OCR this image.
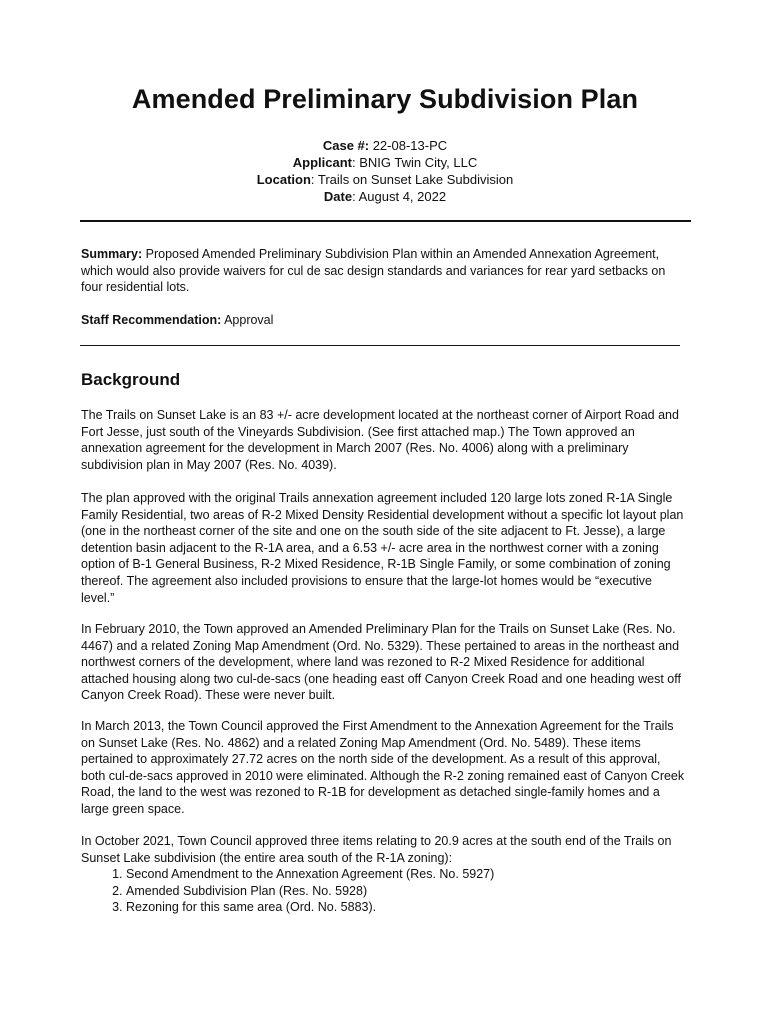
Amended Preliminary Subdivision Plan
Case #: 22-08-13-PC
Applicant: BNIG Twin City, LLC
Location: Trails on Sunset Lake Subdivision
Date: August 4, 2022
Summary: Proposed Amended Preliminary Subdivision Plan within an Amended Annexation Agreement, which would also provide waivers for cul de sac design standards and variances for rear yard setbacks on four residential lots.
Staff Recommendation: Approval
Background
The Trails on Sunset Lake is an 83 +/- acre development located at the northeast corner of Airport Road and Fort Jesse, just south of the Vineyards Subdivision. (See first attached map.) The Town approved an annexation agreement for the development in March 2007 (Res. No. 4006) along with a preliminary subdivision plan in May 2007 (Res. No. 4039).
The plan approved with the original Trails annexation agreement included 120 large lots zoned R-1A Single Family Residential, two areas of R-2 Mixed Density Residential development without a specific lot layout plan (one in the northeast corner of the site and one on the south side of the site adjacent to Ft. Jesse), a large detention basin adjacent to the R-1A area, and a 6.53 +/- acre area in the northwest corner with a zoning option of B-1 General Business, R-2 Mixed Residence, R-1B Single Family, or some combination of zoning thereof. The agreement also included provisions to ensure that the large-lot homes would be “executive level.”
In February 2010, the Town approved an Amended Preliminary Plan for the Trails on Sunset Lake (Res. No. 4467) and a related Zoning Map Amendment (Ord. No. 5329). These pertained to areas in the northeast and northwest corners of the development, where land was rezoned to R-2 Mixed Residence for additional attached housing along two cul-de-sacs (one heading east off Canyon Creek Road and one heading west off Canyon Creek Road). These were never built.
In March 2013, the Town Council approved the First Amendment to the Annexation Agreement for the Trails on Sunset Lake (Res. No. 4862) and a related Zoning Map Amendment (Ord. No. 5489). These items pertained to approximately 27.72 acres on the north side of the development. As a result of this approval, both cul-de-sacs approved in 2010 were eliminated. Although the R-2 zoning remained east of Canyon Creek Road, the land to the west was rezoned to R-1B for development as detached single-family homes and a large green space.
In October 2021, Town Council approved three items relating to 20.9 acres at the south end of the Trails on Sunset Lake subdivision (the entire area south of the R-1A zoning):
1. Second Amendment to the Annexation Agreement (Res. No. 5927)
2. Amended Subdivision Plan (Res. No. 5928)
3. Rezoning for this same area (Ord. No. 5883).
